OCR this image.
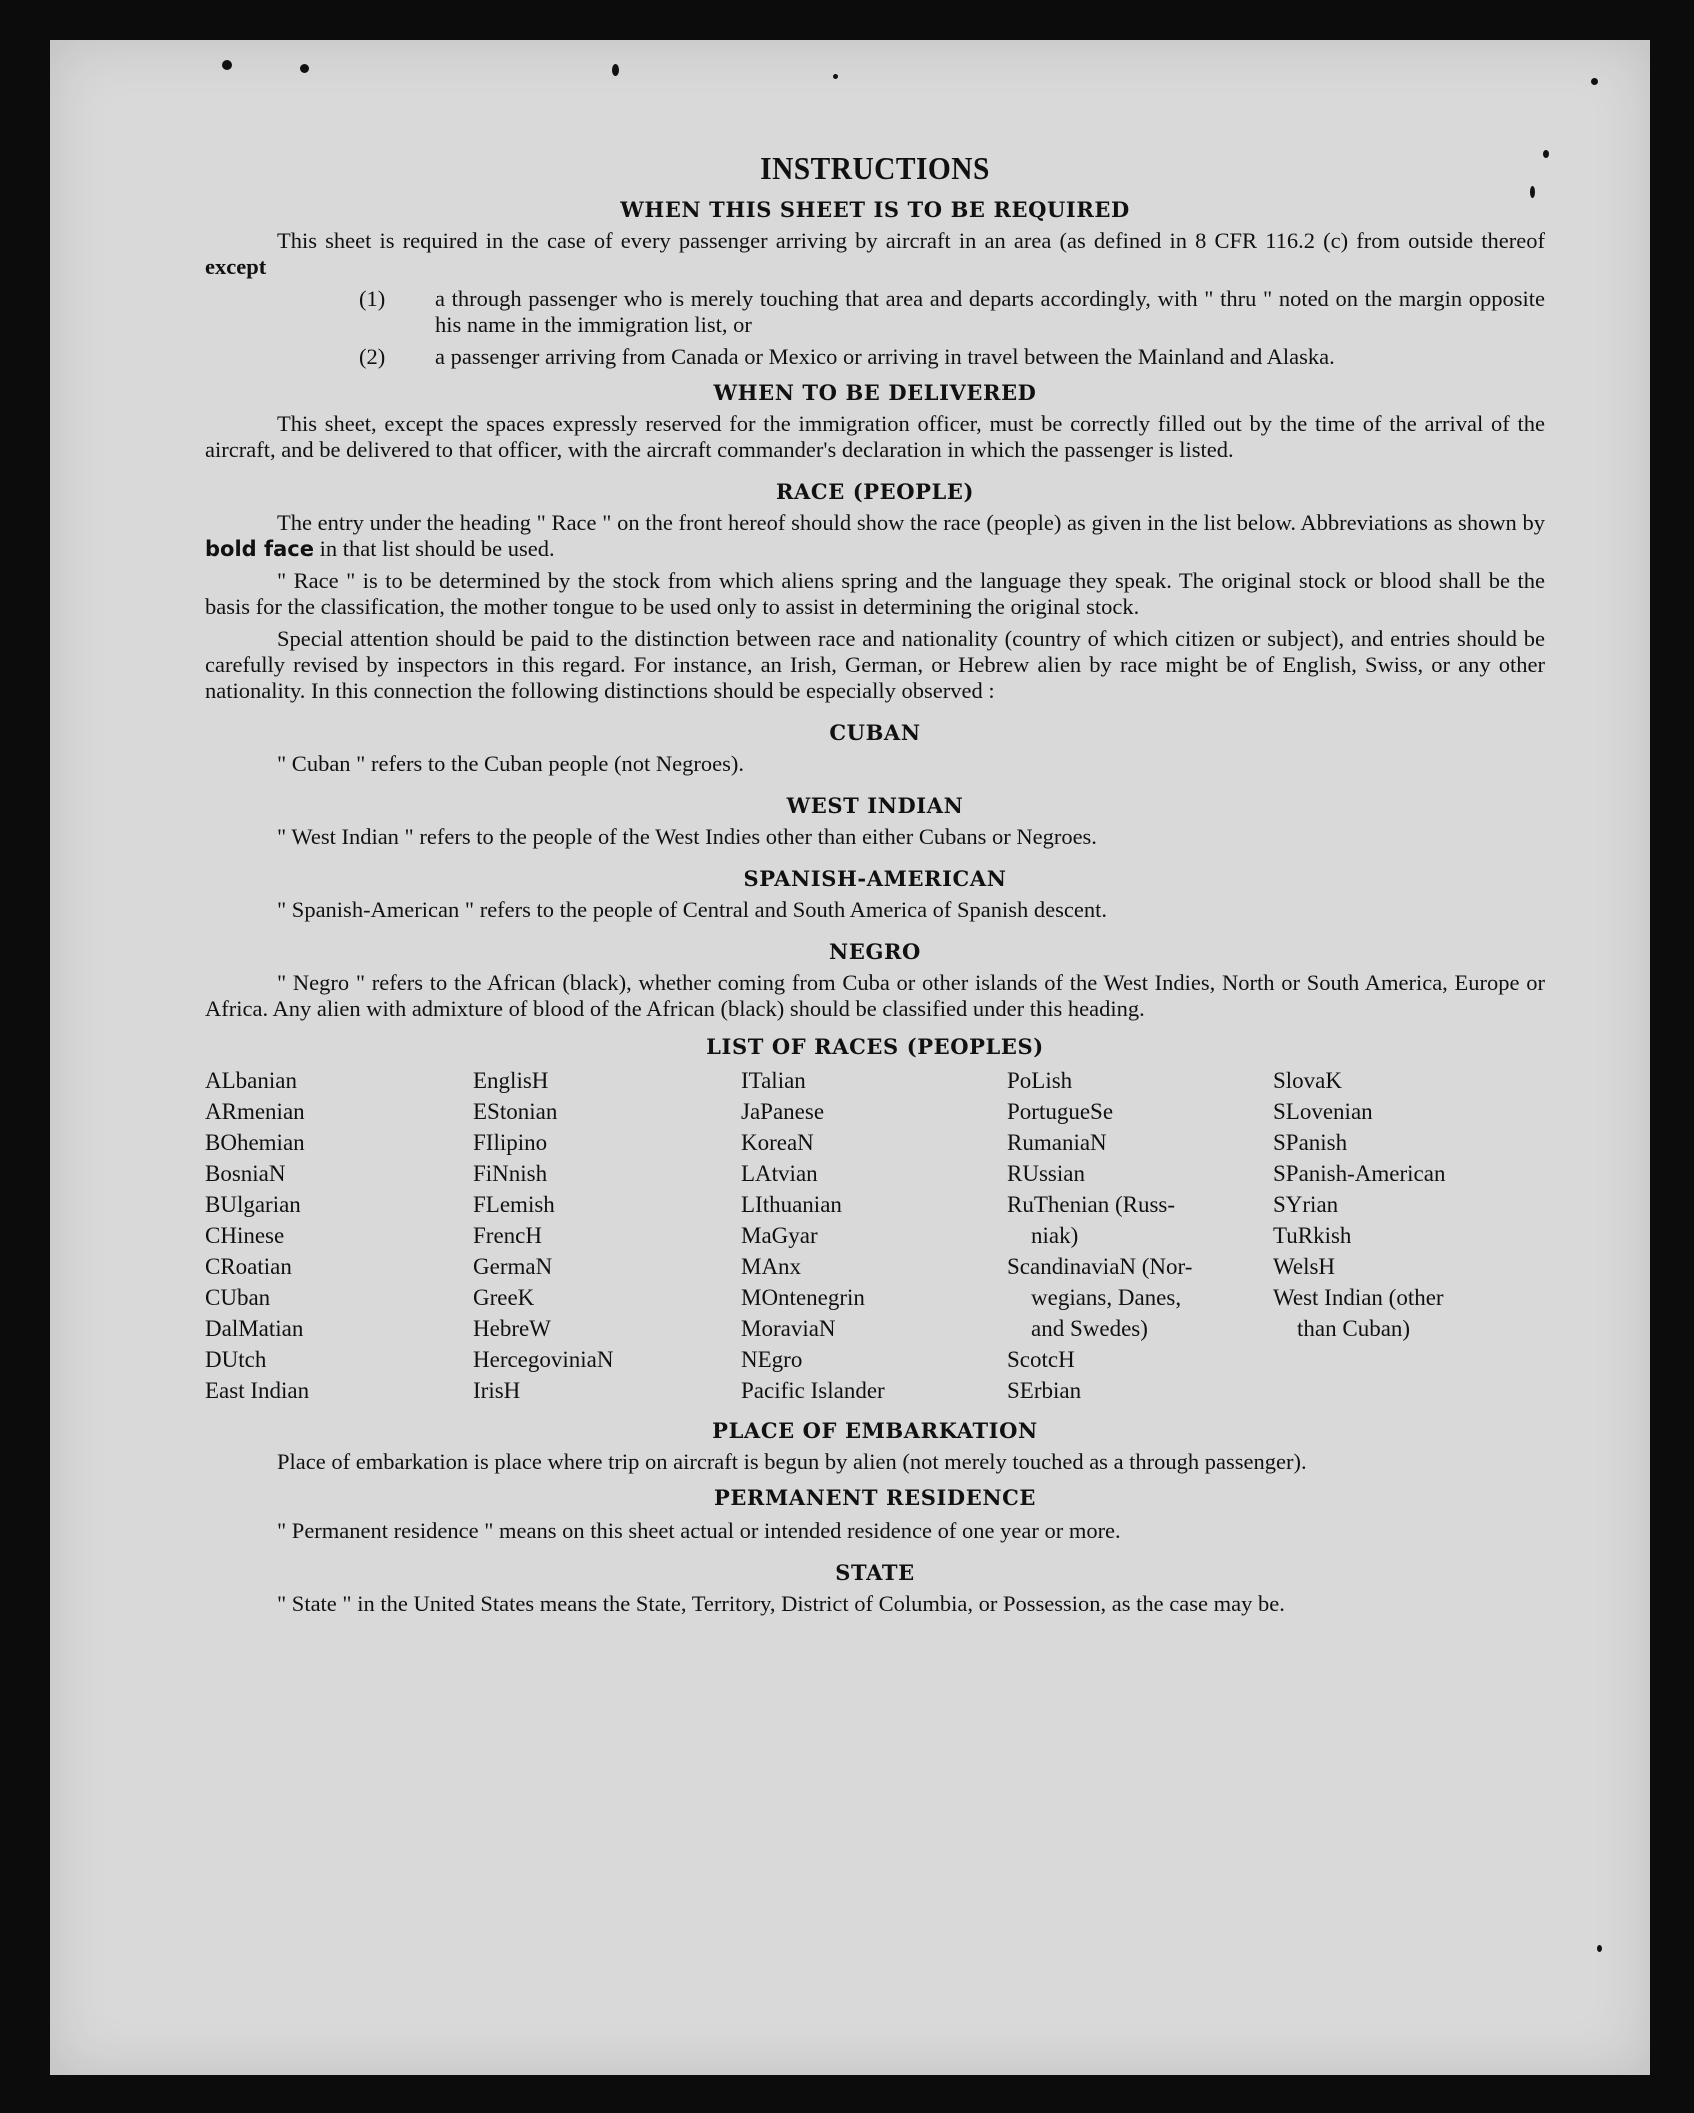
INSTRUCTIONS
WHEN THIS SHEET IS TO BE REQUIRED

This sheet is required in the case of every passenger arriving by aircraft in an area (as defined in 8 CFR 116.2 (c) from outside thereof except

(1) a through passenger who is merely touching that area and departs accordingly, with " thru " noted on the margin opposite his name in the immigration list, or
(2) a passenger arriving from Canada or Mexico or arriving in travel between the Mainland and Alaska.
WHEN TO BE DELIVERED

This sheet, except the spaces expressly reserved for the immigration officer, must be correctly filled out by the time of the arrival of the aircraft, and be delivered to that officer, with the aircraft commander's declaration in which the passenger is listed.

RACE (PEOPLE)

The entry under the heading " Race " on the front hereof should show the race (people) as given in the list below. Abbreviations as shown by bold face in that list should be used.

" Race " is to be determined by the stock from which aliens spring and the language they speak. The original stock or blood shall be the basis for the classification, the mother tongue to be used only to assist in determining the original stock.

Special attention should be paid to the distinction between race and nationality (country of which citizen or subject), and entries should be carefully revised by inspectors in this regard. For instance, an Irish, German, or Hebrew alien by race might be of English, Swiss, or any other nationality. In this connection the following distinctions should be especially observed :

CUBAN

" Cuban " refers to the Cuban people (not Negroes).

WEST INDIAN

" West Indian " refers to the people of the West Indies other than either Cubans or Negroes.

SPANISH-AMERICAN

" Spanish-American " refers to the people of Central and South America of Spanish descent.

NEGRO

" Negro " refers to the African (black), whether coming from Cuba or other islands of the West Indies, North or South America, Europe or Africa. Any alien with admixture of blood of the African (black) should be classified under this heading.

LIST OF RACES (PEOPLES)
ALbanian	EnglisH	ITalian	PoLish	SlovaK
ARmenian	EStonian	JaPanese	PortugueSe	SLovenian
BOhemian	FIlipino	KoreaN	RumaniaN	SPanish
BosniaN	FiNnish	LAtvian	RUssian	SPanish-American
BUlgarian	FLemish	LIthuanian	RuThenian (Russ-	SYrian
CHinese	FrencH	MaGyar	niak)	TuRkish
CRoatian	GermaN	MAnx	ScandinaviaN (Nor-	WelsH
CUban	GreeK	MOntenegrin	wegians, Danes,	West Indian (other
DalMatian	HebreW	MoraviaN	and Swedes)	than Cuban)
DUtch	HercegoviniaN	NEgro	ScotcH
East Indian	IrisH	Pacific Islander	SErbian
PLACE OF EMBARKATION

Place of embarkation is place where trip on aircraft is begun by alien (not merely touched as a through passenger).

PERMANENT RESIDENCE

" Permanent residence " means on this sheet actual or intended residence of one year or more.

STATE

" State " in the United States means the State, Territory, District of Columbia, or Possession, as the case may be.
